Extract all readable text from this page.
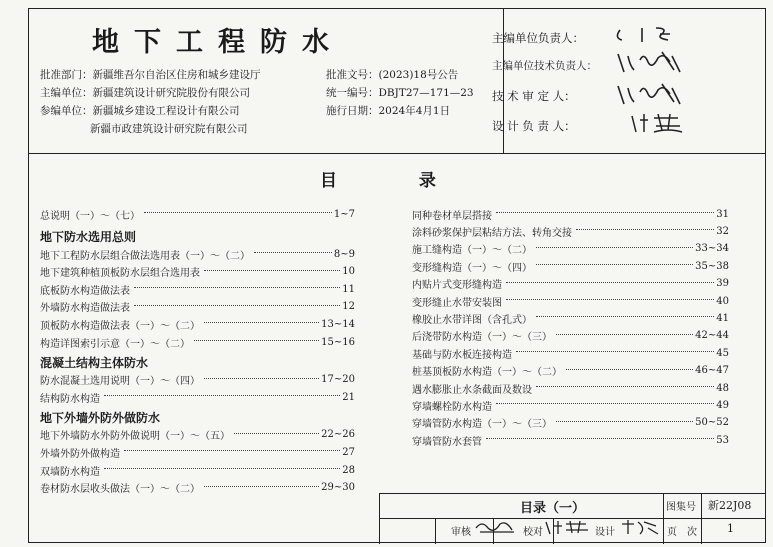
地下工程防水
批准部门：新疆维吾尔自治区住房和城乡建设厅
主编单位：新疆建筑设计研究院股份有限公司
参编单位：新疆城乡建设工程设计有限公司
新疆市政建筑设计研究院有限公司
批准文号：(2023)18号公告
统一编号：DBJT27—171—23
施行日期：2024年4月1日
主编单位负责人：
主编单位技术负责人：
技 术 审 定 人：
设 计 负 责 人：
目 录
总说明（一）～（七）	1~7
地下防水选用总则
地下工程防水层组合做法选用表（一）～（二）	8~9
地下建筑种植顶板防水层组合选用表	10
底板防水构造做法表	11
外墙防水构造做法表	12
顶板防水构造做法表（一）～（二）	13~14
构造详图索引示意（一）～（二）	15~16
混凝土结构主体防水
防水混凝土选用说明（一）～（四）	17~20
结构防水构造	21
地下外墙外防外做防水
地下外墙防水外防外做说明（一）～（五）	22~26
外墙外防外做构造	27
双墙防水构造	28
卷材防水层收头做法（一）～（二）	29~30
同种卷材单层搭接	31
涂料砂浆保护层粘结方法、转角交接	32
施工缝构造（一）～（二）	33~34
变形缝构造（一）～（四）	35~38
内贴片式变形缝构造	39
变形缝止水带安装图	40
橡胶止水带详图（含孔式）	41
后浇带防水构造（一）～（三）	42~44
基础与防水板连接构造	45
桩基顶板防水构造（一）～（二）	46~47
遇水膨胀止水条截面及数设	48
穿墙螺栓防水构造	49
穿墙管防水构造（一）～（三）	50~52
穿墙管防水套管	53
目录（一）	图集号 新22J08
审核	校对	设计	页　次	1
